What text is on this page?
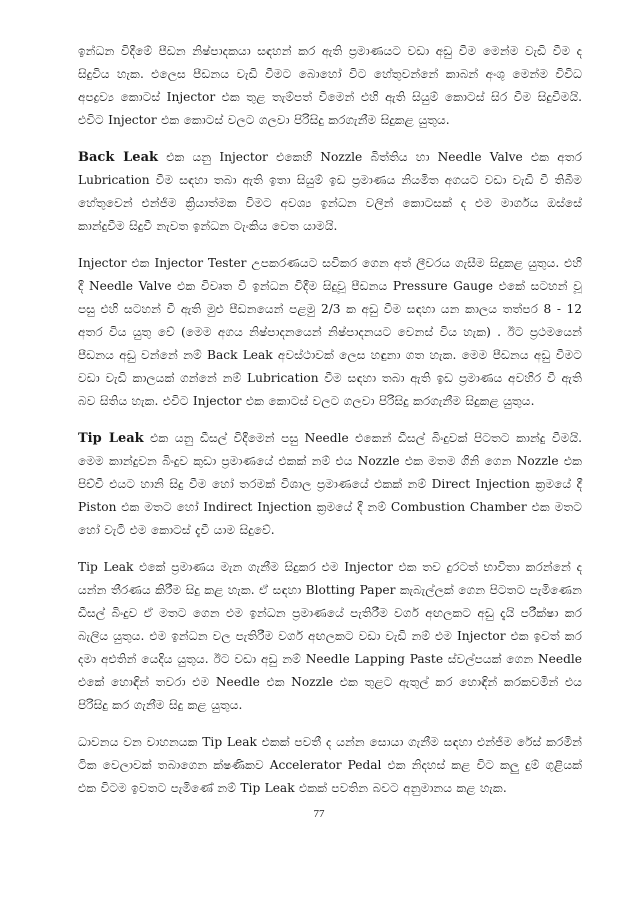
ඉන්ධන විදීමේ පීඩන නිෂ්පාදකයා සඳහන් කර ඇති ප්‍රමාණයට වඩා අඩු වීම මෙන්ම වැඩි වීම ද සිදුවිය හැක. එලෙස පීඩනය වැඩි වීමට බොහෝ විට හේතුවන්නේ කාබන් අංශු මෙන්ම විවිධ අපද්‍රව්‍ය කොටස් Injector එක තුළ තැම්පත් වීමෙන් එහි ඇති සියුම් කොටස් සිර වීම සිදුවීමයි. එවිට Injector එක කොටස් වලට ගලවා පිරිසිදු කරගැනීම සිදුකළ යුතුය.

Back Leak එක යනු Injector එකෙහි Nozzle බිත්තිය හා Needle Valve එක අතර Lubrication වීම සඳහා තබා ඇති ඉතා සියුම් ඉඩ ප්‍රමාණය නියමිත අගයට වඩා වැඩි වී තිබීම හේතුවෙන් එන්ජිම ක්‍රියාත්මක විමට අවශ්‍ය ඉන්ධන වලින් කොටසක් ද එම මාර්ගය ඔස්සේ කාන්දුවීම සිදුවී නැවත ඉන්ධන ටැංකිය වෙත යාමයි.

Injector එක Injector Tester උපකරණයට සවිකර ගෙන අත් ලීවරය ගැසීම සිදුකළ යුතුය. එහි දී Needle Valve එක විවෘත වී ඉන්ධන විදීම සිදුවූ පීඩනය Pressure Gauge එකේ සටහන් වූ පසු එහි සටහන් වී ඇති මුළු පීඩනයෙන් පළමු 2/3 ක අඩු වීම සඳහා යන කාලය තත්පර 8 - 12 අතර විය යුතු වේ (මෙම අගය නිෂ්පාදනයෙන් නිෂ්පාදනයට වෙනස් විය හැක) . ඊට ප්‍රථමයෙන් පීඩනය අඩු වන්නේ නම් Back Leak අවස්ථාවක් ලෙස හඳුනා ගත හැක. මෙම පීඩනය අඩු වීමට වඩා වැඩි කාලයක් ගන්නේ නම් Lubrication වීම සඳහා තබා ඇති ඉඩ ප්‍රමාණය අවහිර වී ඇති බව සිතිය හැක. එවිට Injector එක කොටස් වලට ගලවා පිරිසිදු කරගැනීම සිදුකළ යුතුය.

Tip Leak එක යනු ඩීසල් විදීමෙන් පසු Needle එකෙන් ඩීසල් බිංදුවක් පිටතට කාන්දු වීමයි. මෙම කාන්දුවන බිංදුව කුඩා ප්‍රමාණයේ එකක් නම් එය Nozzle එක මතම ගිනි ගෙන Nozzle එක පිච්චී එයට හානි සිදු වීම හෝ තරමක් විශාල ප්‍රමාණයේ එකක් නම් Direct Injection ක්‍රමයේ දී Piston එක මතට හෝ Indirect Injection ක්‍රමයේ දී නම් Combustion Chamber එක මතට හෝ වැටී එම කොටස් දැවී යාම සිදුවේ.

Tip Leak එකේ ප්‍රමාණය මැන ගැනීම සිදුකර එම Injector එක තව දුරටත් භාවිතා කරන්නේ ද යන්න තීරණය කිරීම සිදු කළ හැක. ඒ සඳහා Blotting Paper කැබැල්ලක් ගෙන පිටතට පැමිණෙන ඩීසල් බිංදුව ඒ මතට ගෙන එම ඉන්ධන ප්‍රමාණයේ පැතිරීම වර්ග අඟලකට අඩු දැයි පරීක්ෂා කර බැලිය යුතුය. එම ඉන්ධන වල පැතිරීම වර්ග අඟලකට වඩා වැඩි නම් එම Injector එක ඉවත් කර දමා අළුතින් යෙදිය යුතුය. ඊට වඩා අඩු නම් Needle Lapping Paste ස්වල්පයක් ගෙන Needle එකේ හොඳින් තවරා එම Needle එක Nozzle එක තුළට ඇතුල් කර හොඳින් කරකවමින් එය පිරිසිදු කර ගැනීම සිදු කළ යුතුය.

ධාවනය වන වාහනයක Tip Leak එකක් පවතී ද යන්න සොයා ගැනීම සඳහා එන්ජිම රේස් කරමින් ටික වෙලාවක් තබාගෙන ක්ෂණිකව Accelerator Pedal එක නිදහස් කළ විට කලු දුම් ගුළියක් එක විටම ඉවතට පැමිණේ නම් Tip Leak එකක් පවතින බවට අනුමානය කළ හැක.

77
